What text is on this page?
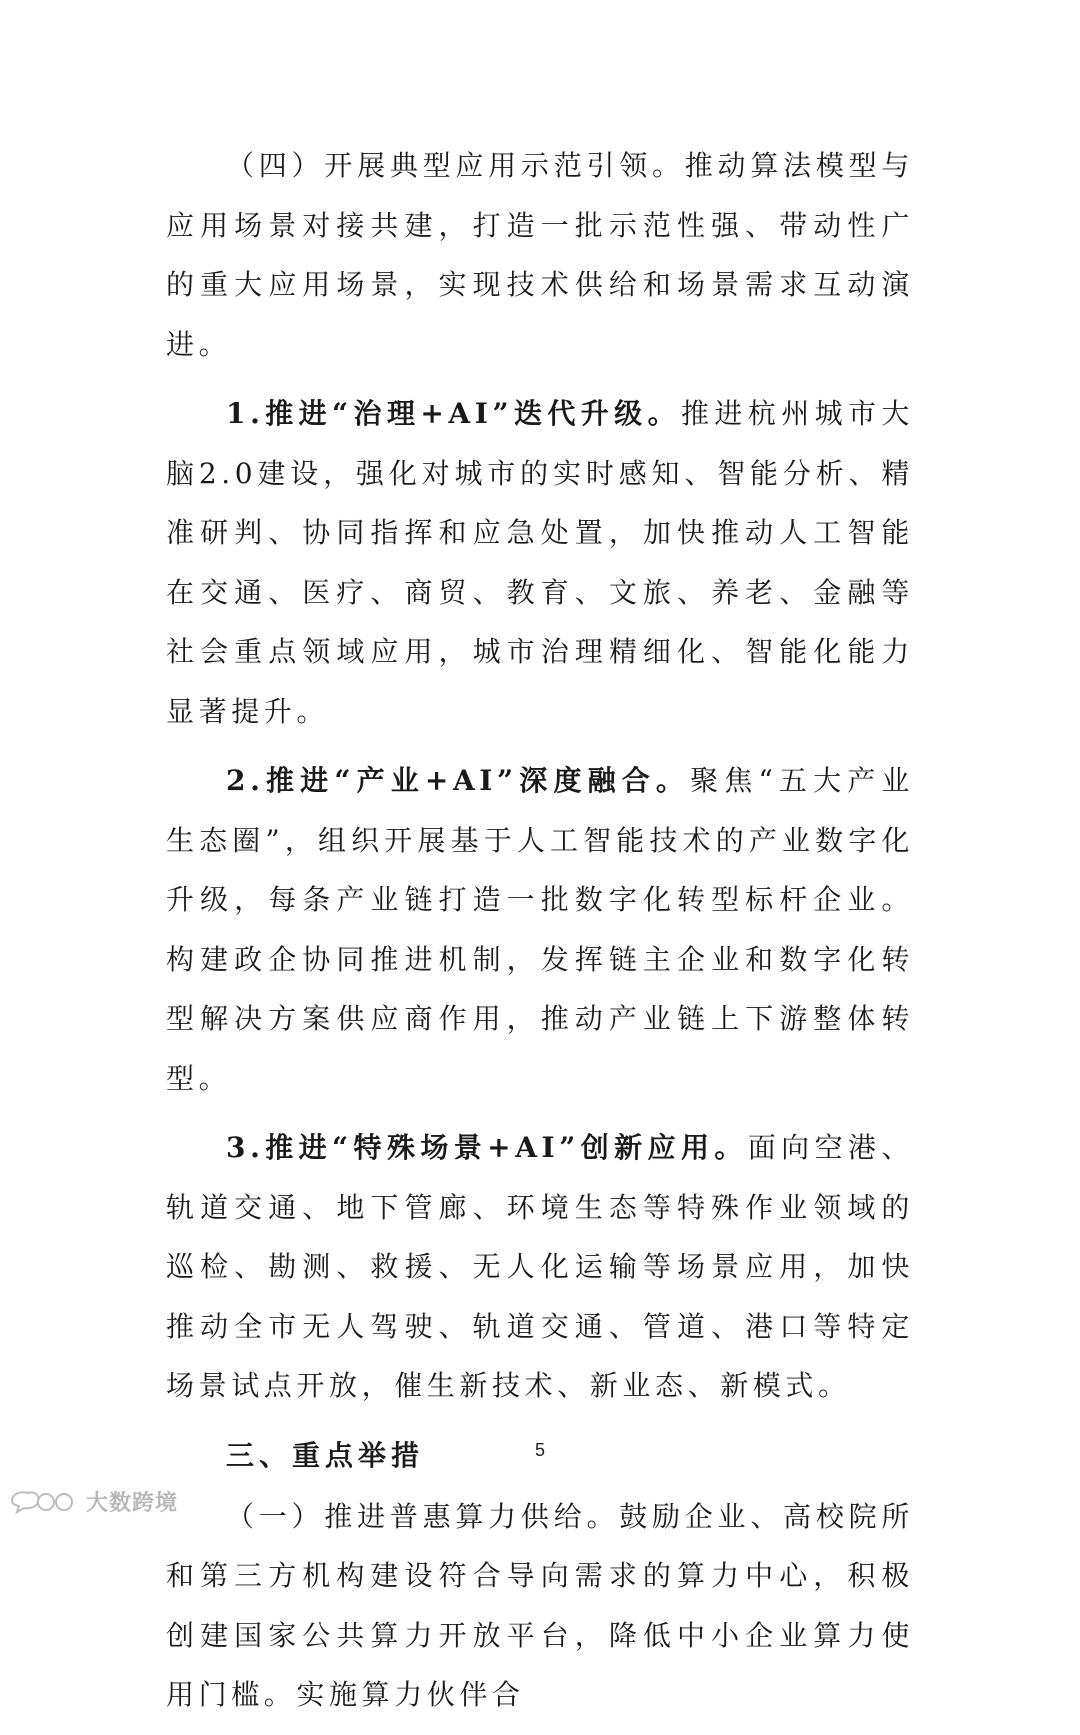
（四）开展典型应用示范引领。推动算法模型与应用场景对接共建，打造一批示范性强、带动性广的重大应用场景，实现技术供给和场景需求互动演进。

1.推进“治理+AI”迭代升级。推进杭州城市大脑2.0建设，强化对城市的实时感知、智能分析、精准研判、协同指挥和应急处置，加快推动人工智能在交通、医疗、商贸、教育、文旅、养老、金融等社会重点领域应用，城市治理精细化、智能化能力显著提升。

2.推进“产业+AI”深度融合。聚焦“五大产业生态圈”，组织开展基于人工智能技术的产业数字化升级，每条产业链打造一批数字化转型标杆企业。构建政企协同推进机制，发挥链主企业和数字化转型解决方案供应商作用，推动产业链上下游整体转型。

3.推进“特殊场景+AI”创新应用。面向空港、轨道交通、地下管廊、环境生态等特殊作业领域的巡检、勘测、救援、无人化运输等场景应用，加快推动全市无人驾驶、轨道交通、管道、港口等特定场景试点开放，催生新技术、新业态、新模式。

三、重点举措

（一）推进普惠算力供给。鼓励企业、高校院所和第三方机构建设符合导向需求的算力中心，积极创建国家公共算力开放平台，降低中小企业算力使用门槛。实施算力伙伴合

5
大数跨境
